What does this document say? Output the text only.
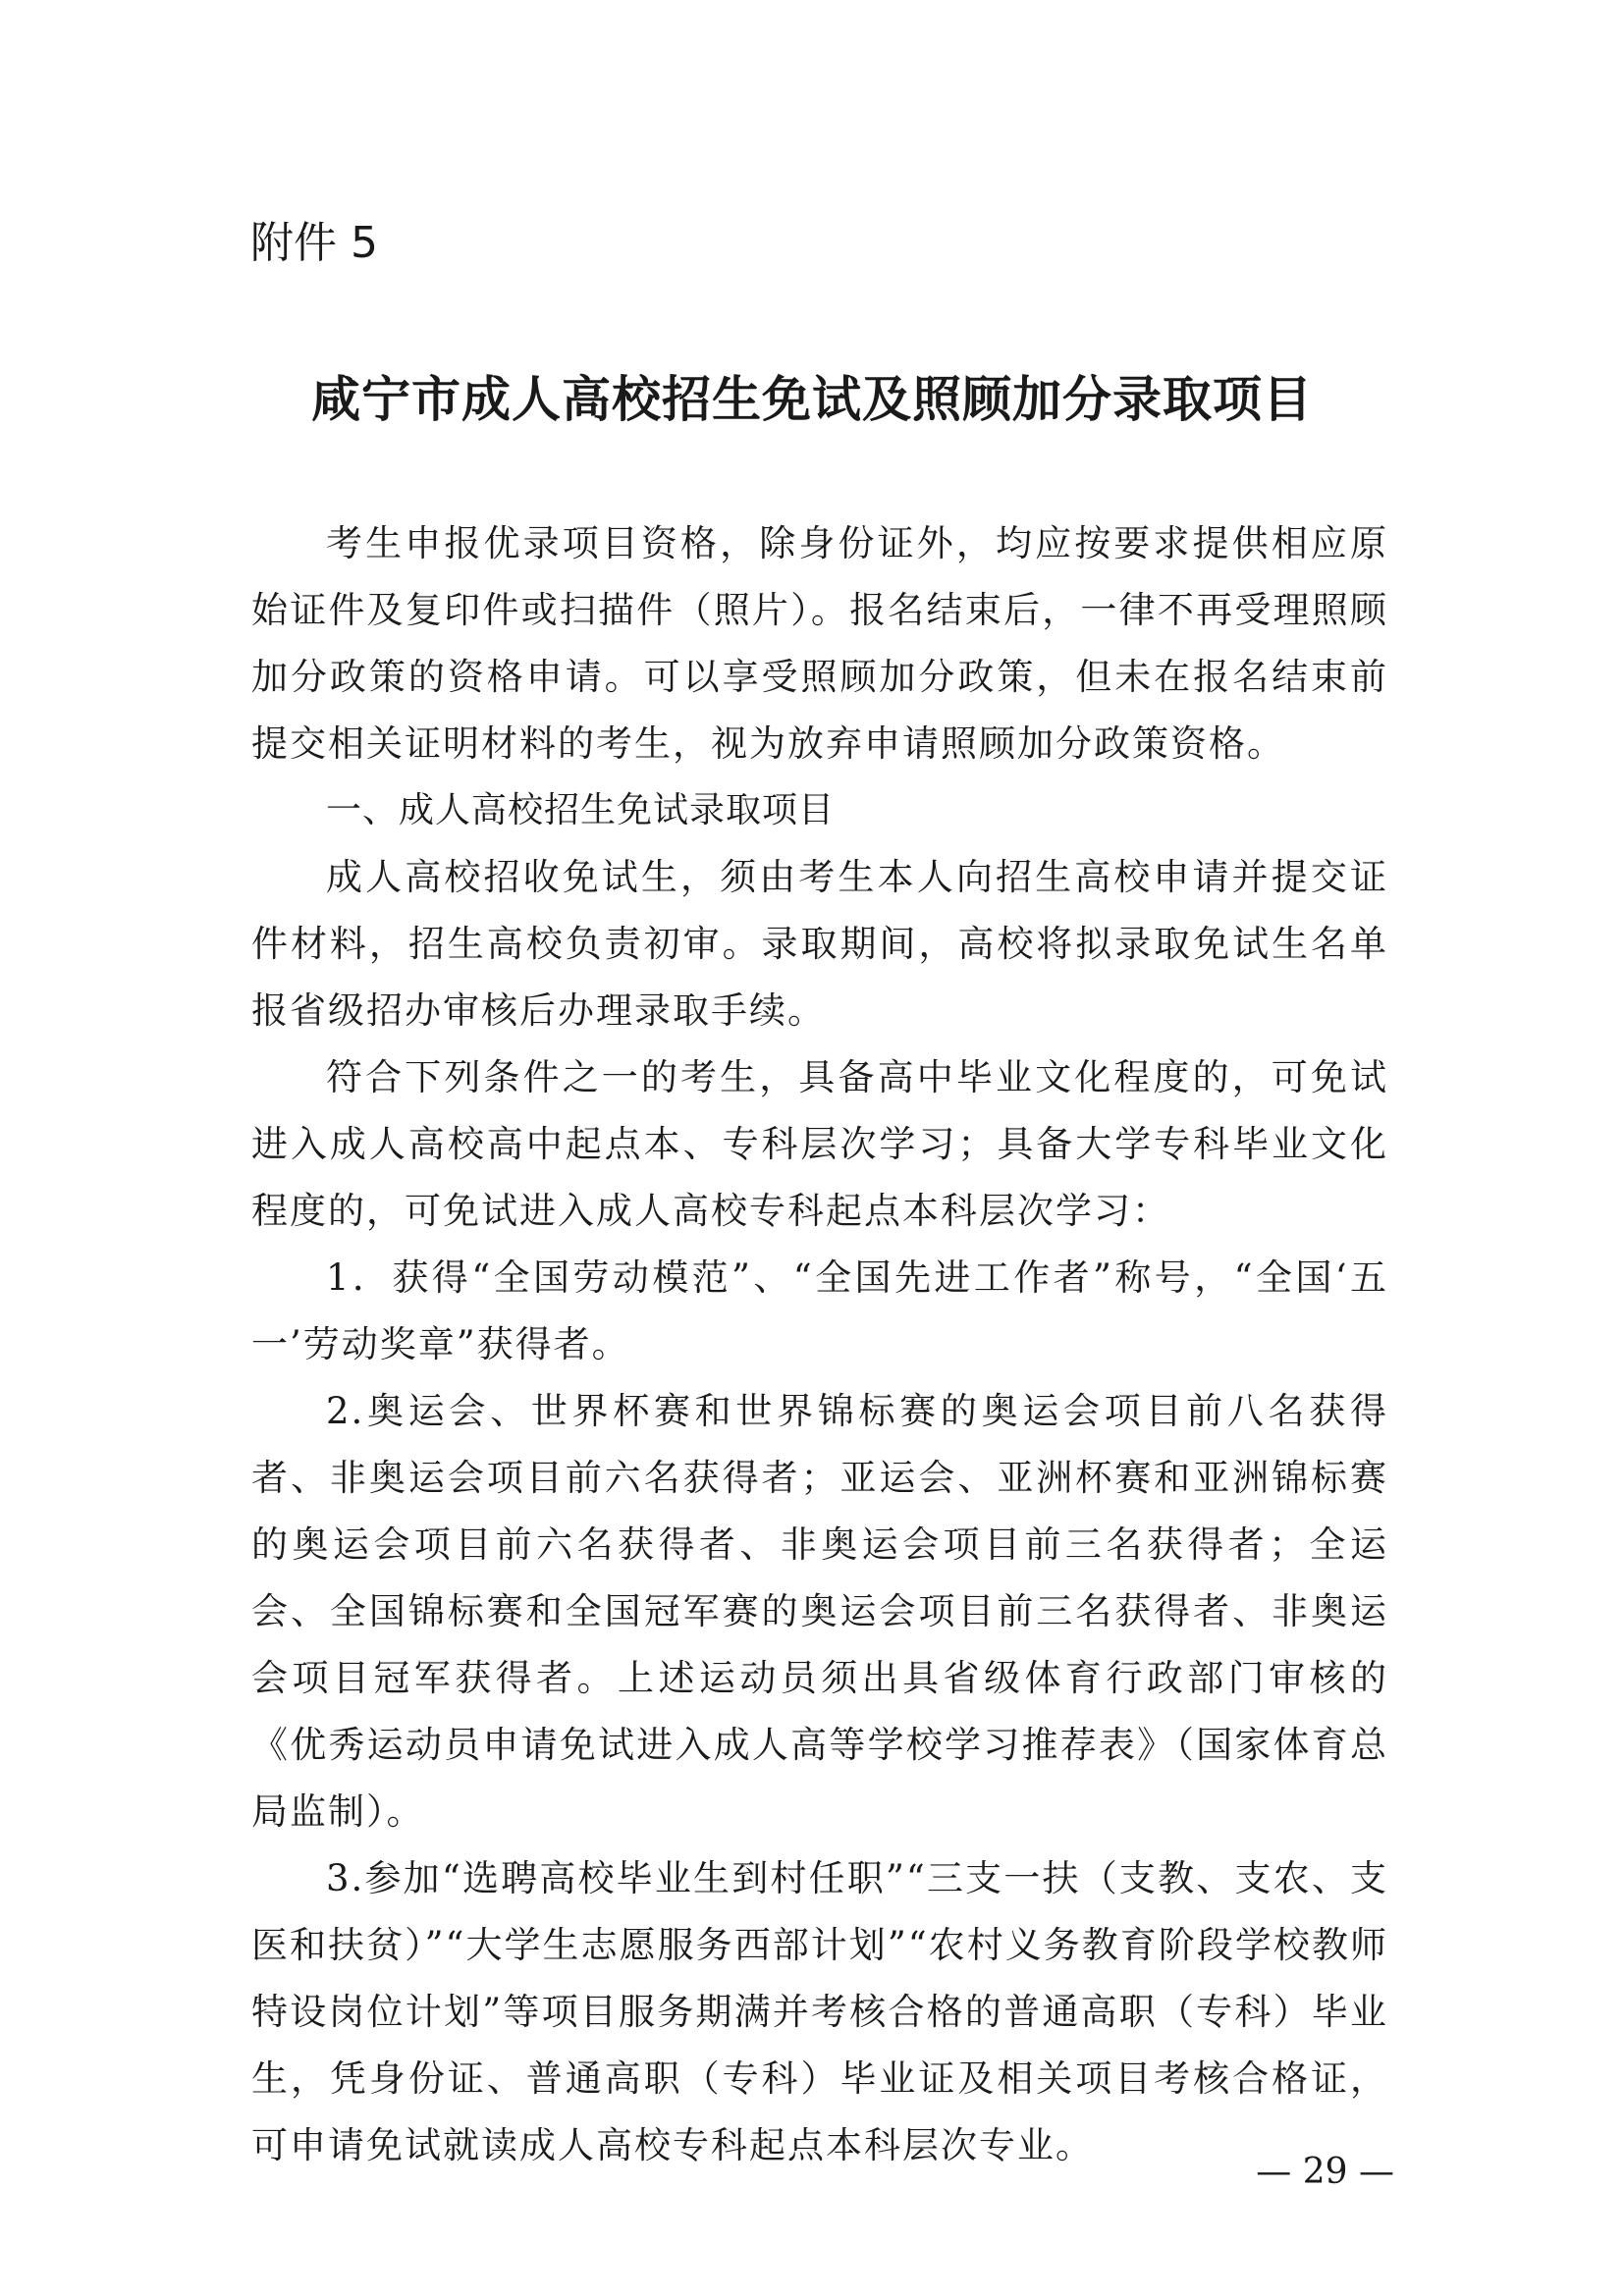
附件 5
咸宁市成人高校招生免试及照顾加分录取项目

考生申报优录项目资格，除身份证外，均应按要求提供相应原始证件及复印件或扫描件（照片）。报名结束后，一律不再受理照顾加分政策的资格申请。可以享受照顾加分政策，但未在报名结束前提交相关证明材料的考生，视为放弃申请照顾加分政策资格。

一、成人高校招生免试录取项目

成人高校招收免试生，须由考生本人向招生高校申请并提交证件材料，招生高校负责初审。录取期间，高校将拟录取免试生名单报省级招办审核后办理录取手续。

符合下列条件之一的考生，具备高中毕业文化程度的，可免试进入成人高校高中起点本、专科层次学习；具备大学专科毕业文化程度的，可免试进入成人高校专科起点本科层次学习：

1．获得“全国劳动模范”、“全国先进工作者”称号，“全国‘五一’劳动奖章”获得者。

2.奥运会、世界杯赛和世界锦标赛的奥运会项目前八名获得者、非奥运会项目前六名获得者；亚运会、亚洲杯赛和亚洲锦标赛的奥运会项目前六名获得者、非奥运会项目前三名获得者；全运会、全国锦标赛和全国冠军赛的奥运会项目前三名获得者、非奥运会项目冠军获得者。上述运动员须出具省级体育行政部门审核的《优秀运动员申请免试进入成人高等学校学习推荐表》（国家体育总局监制）。

3.参加“选聘高校毕业生到村任职”“三支一扶（支教、支农、支医和扶贫）”“大学生志愿服务西部计划”“农村义务教育阶段学校教师特设岗位计划”等项目服务期满并考核合格的普通高职（专科）毕业生，凭身份证、普通高职（专科）毕业证及相关项目考核合格证，可申请免试就读成人高校专科起点本科层次专业。

— 29 —
